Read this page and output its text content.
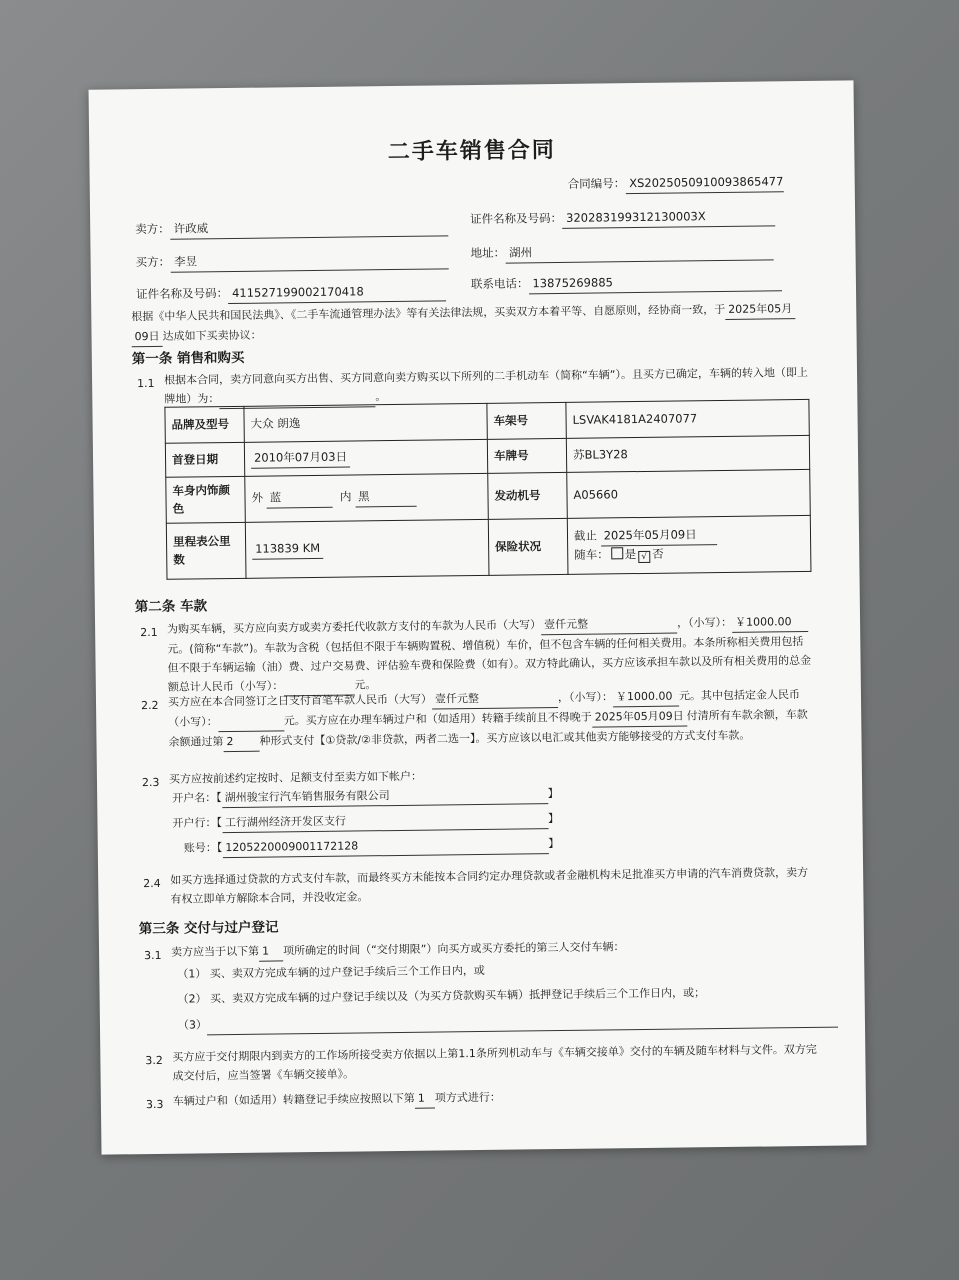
二手车销售合同
合同编号： XS2025050910093865477
卖方： 许政威
证件名称及号码： 320283199312130003X
买方： 李昱
地址： 湖州
证件名称及号码： 411527199002170418
联系电话： 13875269885
根据《中华人民共和国民法典》、《二手车流通管理办法》等有关法律法规，买卖双方本着平等、自愿原则，经协商一致，于 2025年05月
09日 达成如下买卖协议：
第一条 销售和购买
1.1 根据本合同，卖方同意向买方出售、买方同意向卖方购买以下所列的二手机动车（简称“车辆”）。且买方已确定，车辆的转入地（即上牌地）为：	。
品牌及型号	大众 朗逸	车架号	LSVAK4181A2407077
首登日期	2010年07月03日	车牌号	苏BL3Y28
车身内饰颜色	外 蓝 内 黑	发动机号	A05660
里程表公里数	113839 KM	保险状况	截止 2025年05月09日
随车： 是 √ 否
第二条 车款
2.1 为购买车辆，买方应向卖方或卖方委托代收款方支付的车款为人民币（大写） 壹仟元整	，（小写）： ￥1000.00元。(简称“车款”)。车款为含税（包括但不限于车辆购置税、增值税）车价，但不包含车辆的任何相关费用。本条所称相关费用包括但不限于车辆运输（油）费、过户交易费、评估验车费和保险费（如有）。双方特此确认，买方应该承担车款以及所有相关费用的总金额总计人民币（小写）：	元。
2.2 买方应在本合同签订之日支付首笔车款人民币（大写） 壹仟元整	，（小写）： ￥1000.00 元。其中包括定金人民币（小写）：	元。买方应在办理车辆过户和（如适用）转籍手续前且不得晚于 2025年05月09日 付清所有车款余额，车款余额通过第 2 种形式支付【①贷款/②非贷款，两者二选一】。买方应该以电汇或其他卖方能够接受的方式支付车款。
2.3 买方应按前述约定按时、足额支付至卖方如下帐户：
开户名：【 湖州骏宝行汽车销售服务有限公司	】
开户行：【 工行湖州经济开发区支行	】
账号：【 1205220009001172128	】
2.4 如买方选择通过贷款的方式支付车款，而最终买方未能按本合同约定办理贷款或者金融机构未足批准买方申请的汽车消费贷款，卖方有权立即单方解除本合同，并没收定金。
第三条 交付与过户登记
3.1 卖方应当于以下第 1 项所确定的时间（“交付期限”）向买方或买方委托的第三人交付车辆：
（1） 买、卖双方完成车辆的过户登记手续后三个工作日内，或
（2） 买、卖双方完成车辆的过户登记手续以及（为买方贷款购买车辆）抵押登记手续后三个工作日内，或；
（3）
3.2 买方应于交付期限内到卖方的工作场所接受卖方依据以上第1.1条所列机动车与《车辆交接单》交付的车辆及随车材料与文件。双方完成交付后，应当签署《车辆交接单》。
3.3 车辆过户和（如适用）转籍登记手续应按照以下第 1 项方式进行：
